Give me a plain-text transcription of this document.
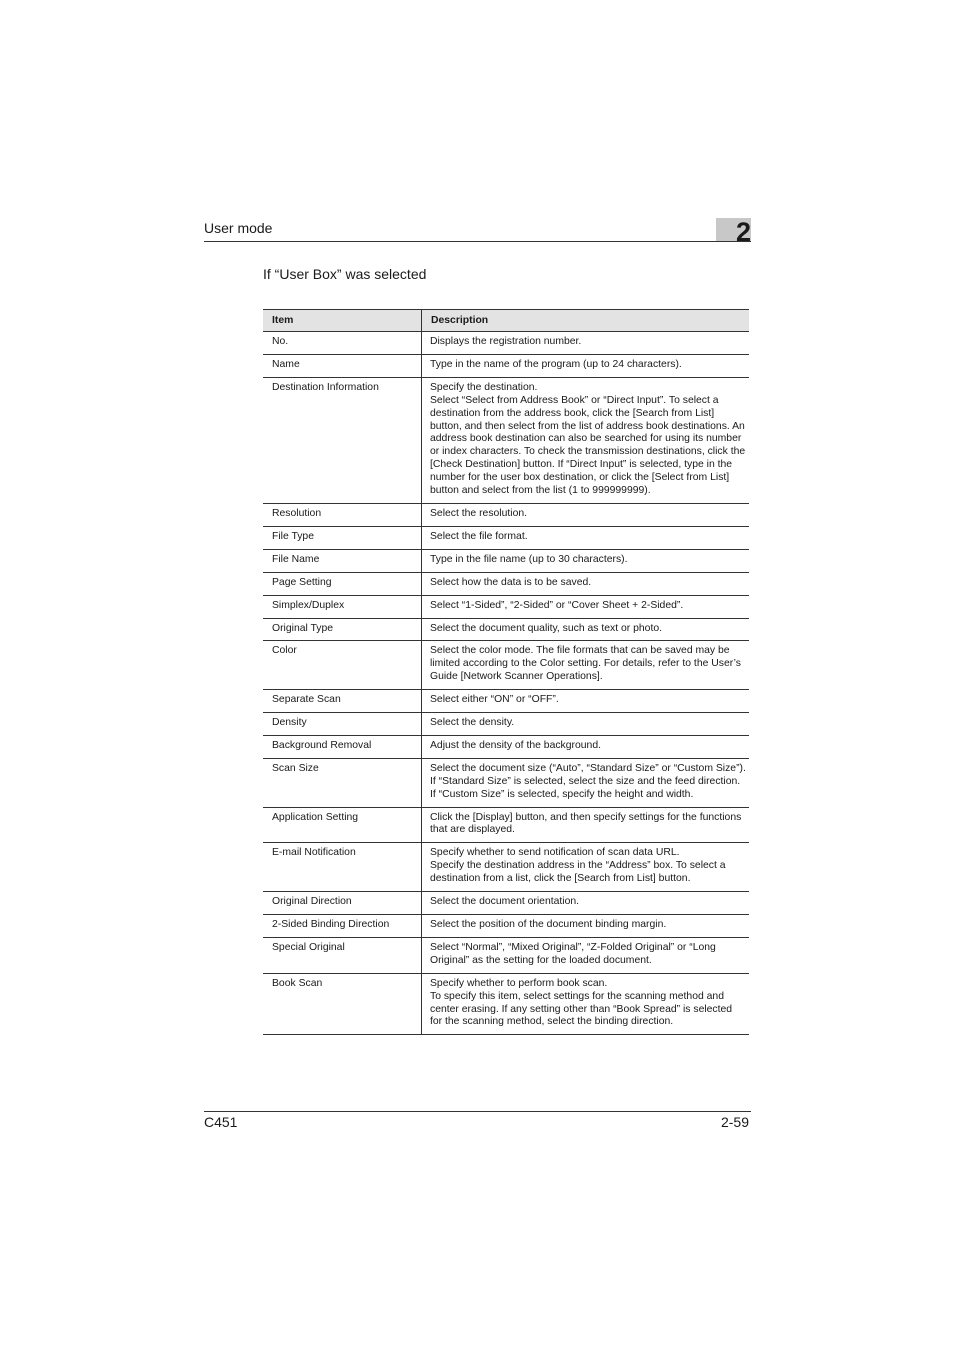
User mode	2
If “User Box” was selected
Item	Description
No.	Displays the registration number.
Name	Type in the name of the program (up to 24 characters).
Destination Information	Specify the destination.
Select “Select from Address Book” or “Direct Input”. To select a destination from the address book, click the [Search from List] button, and then select from the list of address book destinations. An address book destination can also be searched for using its number or index characters. To check the transmission destinations, click the [Check Destination] button. If “Direct Input” is selected, type in the number for the user box destination, or click the [Select from List] button and select from the list (1 to 999999999).
Resolution	Select the resolution.
File Type	Select the file format.
File Name	Type in the file name (up to 30 characters).
Page Setting	Select how the data is to be saved.
Simplex/Duplex	Select “1-Sided”, “2-Sided” or “Cover Sheet + 2-Sided”.
Original Type	Select the document quality, such as text or photo.
Color	Select the color mode. The file formats that can be saved may be limited according to the Color setting. For details, refer to the User’s Guide [Network Scanner Operations].
Separate Scan	Select either “ON” or “OFF”.
Density	Select the density.
Background Removal	Adjust the density of the background.
Scan Size	Select the document size (“Auto”, “Standard Size” or “Custom Size”).
If “Standard Size” is selected, select the size and the feed direction.
If “Custom Size” is selected, specify the height and width.
Application Setting	Click the [Display] button, and then specify settings for the functions that are displayed.
E-mail Notification	Specify whether to send notification of scan data URL.
Specify the destination address in the “Address” box. To select a destination from a list, click the [Search from List] button.
Original Direction	Select the document orientation.
2-Sided Binding Direction	Select the position of the document binding margin.
Special Original	Select “Normal”, “Mixed Original”, “Z-Folded Original” or “Long Original” as the setting for the loaded document.
Book Scan	Specify whether to perform book scan.
To specify this item, select settings for the scanning method and center erasing. If any setting other than “Book Spread” is selected for the scanning method, select the binding direction.
C451	2-59
